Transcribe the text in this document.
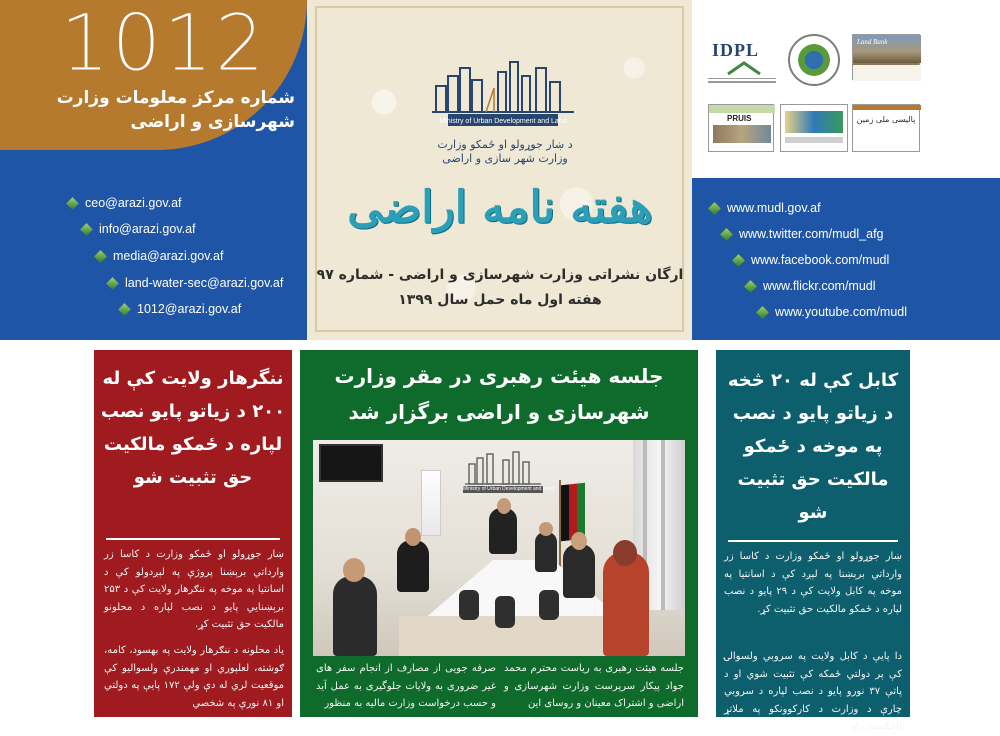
1012
شماره مرکز معلومات وزارت
شهرسازی و اراضی
ceo@arazi.gov.af
info@arazi.gov.af
media@arazi.gov.af
land-water-sec@arazi.gov.af
1012@arazi.gov.af
Ministry of Urban Development and Land
د ښار جوړولو او ځمکو وزارت
وزارت شهر سازی و اراضی
هفته نامه اراضی
ارگان نشراتی وزارت شهرسازی و اراضی - شماره ۹۷
هفته اول ماه حمل سال ۱۳۹۹
IDPL	Land Bank
PRUIS	پالیسی ملی زمین
www.mudl.gov.af
www.twitter.com/mudl_afg
www.facebook.com/mudl
www.flickr.com/mudl
www.youtube.com/mudl
ننگرهار ولایت کې له ۲۰۰ د زیاتو پایو نصب لپاره د ځمکو مالکیت حق تثبیت شو
ښار جوړولو او ځمکو وزارت د کاسا زر وارداتي برېښنا پروژې په لېږدولو کې د اسانتیا په موخه په ننګرهار ولایت کې د ۲۵۳ برېښنایي پایو د نصب لپاره د محلونو مالکیت حق تثبیت کړ.
یاد محلونه د ننګرهار ولایت په بهسود، کامه، ګوشته، لعلپوري او مهمندرې ولسوالیو کې موقعیت لري له دې ولې ۱۷۲ پایې په دولتي او ۸۱ نورې په شخصي
جلسه هیئت رهبری در مقر وزارت شهرسازی و اراضی برگزار شد
Ministry of Urban Development and Land
جلسه هیئت رهبری به ریاست محترم محمد جواد پیکار سرپرست وزارت شهرسازی و اراضی و اشتراک معینان و روسای این
صرفه جویی از مصارف از انجام سفر های غیر ضروری به ولایات جلوگیری به عمل آید و حسب درخواست وزارت مالیه به منظور
کابل کې له ۲۰ څخه د زیاتو پایو د نصب په موخه د ځمکو مالکیت حق تثبیت شو
ښار جوړولو او ځمکو وزارت د کاسا زر وارداتي برېښنا په لېږد کې د اسانتیا په موخه په کابل ولایت کې د ۲۹ پایو د نصب لپاره د ځمکو مالکیت حق تثبیت کړ.
دا پایې د کابل ولایت په سروبي ولسوالۍ کې پر دولتي ځمکه کې تثبیت شوي او د پاتې ۳۷ نورو پایو د نصب لپاره د سروبي چارې د وزارت د کارکوونکو په ملاتړ تاجکستان او
